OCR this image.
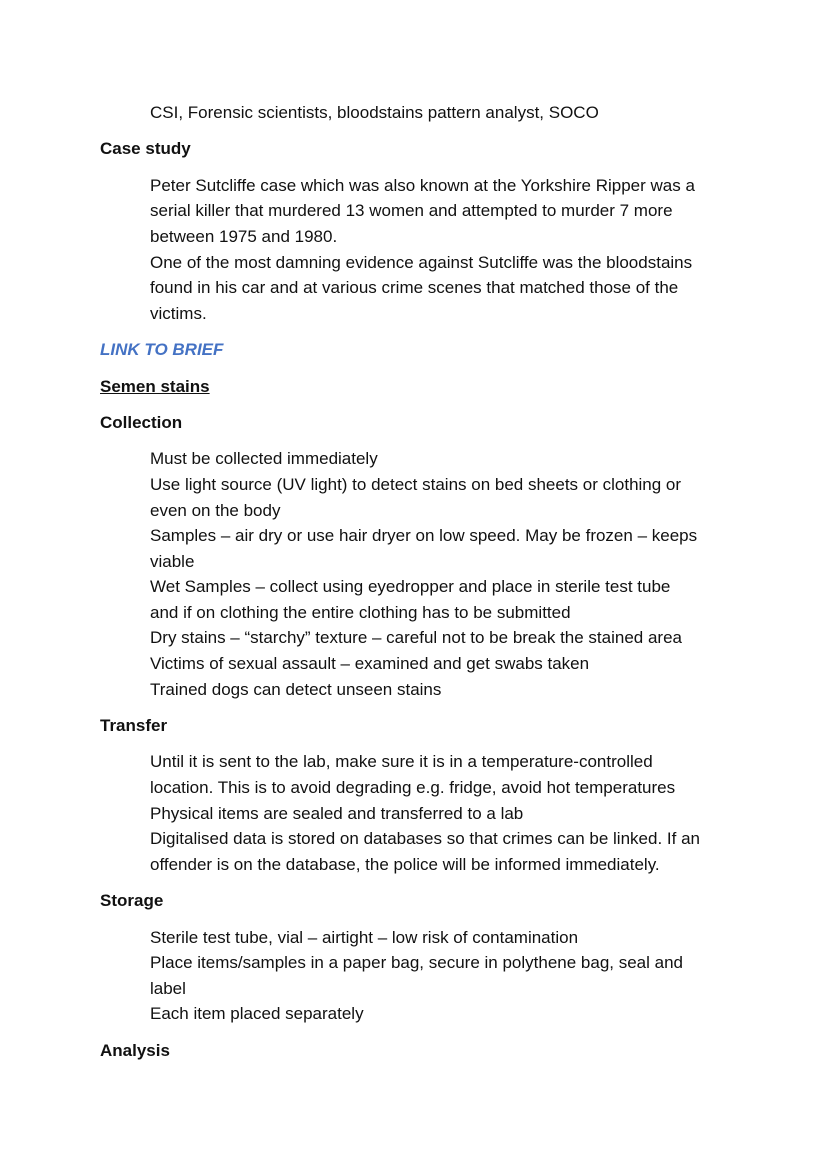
CSI, Forensic scientists, bloodstains pattern analyst, SOCO
Case study
Peter Sutcliffe case which was also known at the Yorkshire Ripper was a
serial killer that murdered 13 women and attempted to murder 7 more
between 1975 and 1980.
One of the most damning evidence against Sutcliffe was the bloodstains
found in his car and at various crime scenes that matched those of the
victims.
LINK TO BRIEF
Semen stains
Collection
Must be collected immediately
Use light source (UV light) to detect stains on bed sheets or clothing or
even on the body
Samples – air dry or use hair dryer on low speed. May be frozen – keeps
viable
Wet Samples – collect using eyedropper and place in sterile test tube
and if on clothing the entire clothing has to be submitted
Dry stains – “starchy” texture – careful not to be break the stained area
Victims of sexual assault – examined and get swabs taken
Trained dogs can detect unseen stains
Transfer
Until it is sent to the lab, make sure it is in a temperature-controlled
location. This is to avoid degrading e.g. fridge, avoid hot temperatures
Physical items are sealed and transferred to a lab
Digitalised data is stored on databases so that crimes can be linked. If an
offender is on the database, the police will be informed immediately.
Storage
Sterile test tube, vial – airtight – low risk of contamination
Place items/samples in a paper bag, secure in polythene bag, seal and
label
Each item placed separately
Analysis
